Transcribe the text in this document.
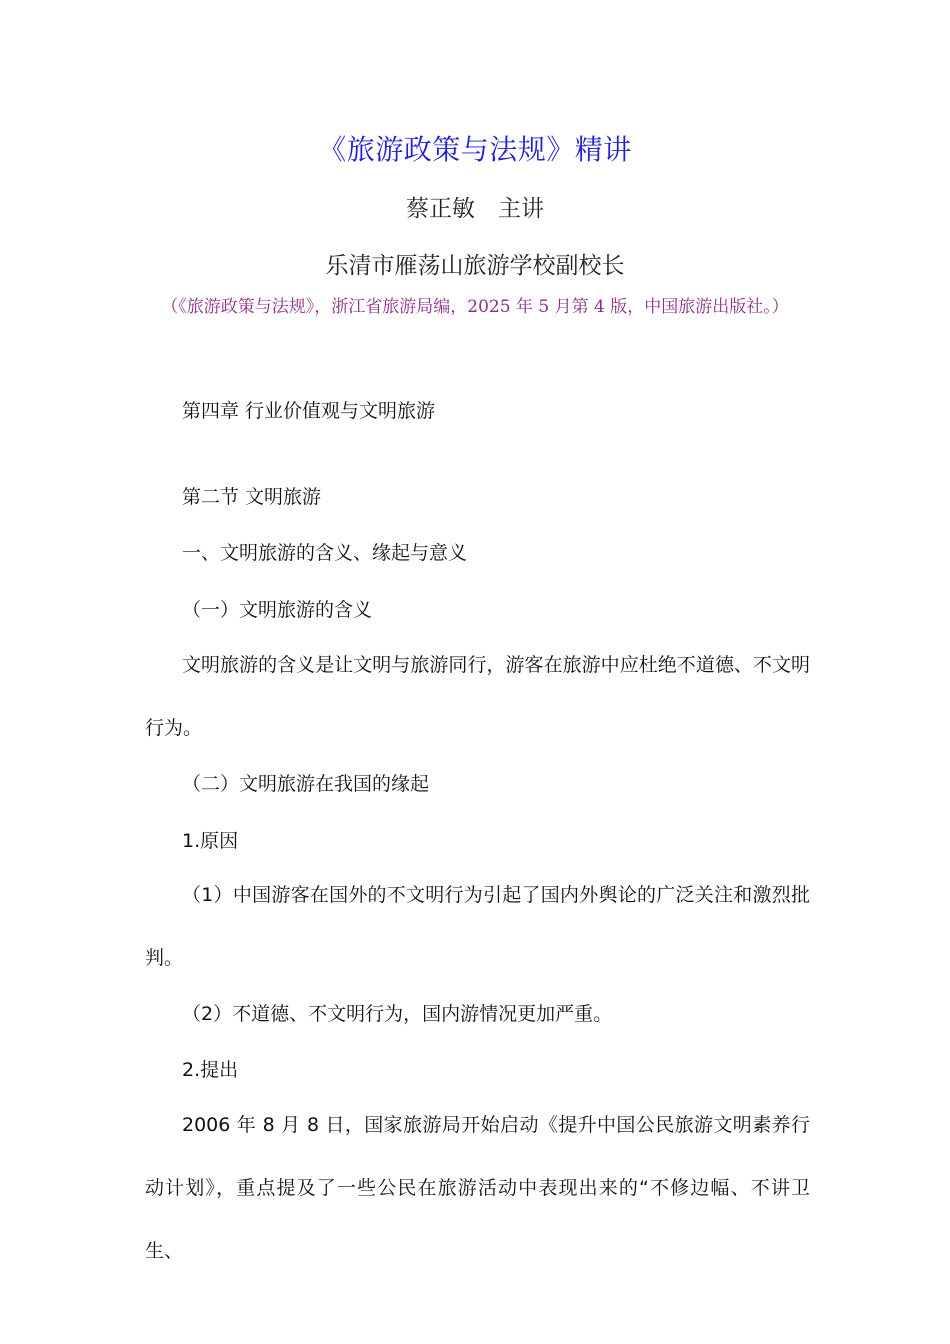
《旅游政策与法规》精讲
蔡正敏　主讲
乐清市雁荡山旅游学校副校长
（《旅游政策与法规》，浙江省旅游局编，2025 年 5 月第 4 版，中国旅游出版社。）
第四章 行业价值观与文明旅游
第二节 文明旅游
一、文明旅游的含义、缘起与意义
（一）文明旅游的含义
文明旅游的含义是让文明与旅游同行，游客在旅游中应杜绝不道德、不文明行为。
（二）文明旅游在我国的缘起
1.原因
（1）中国游客在国外的不文明行为引起了国内外舆论的广泛关注和激烈批判。
（2）不道德、不文明行为，国内游情况更加严重。
2.提出
2006 年 8 月 8 日，国家旅游局开始启动《提升中国公民旅游文明素养行动计划》，重点提及了一些公民在旅游活动中表现出来的“不修边幅、不讲卫生、
